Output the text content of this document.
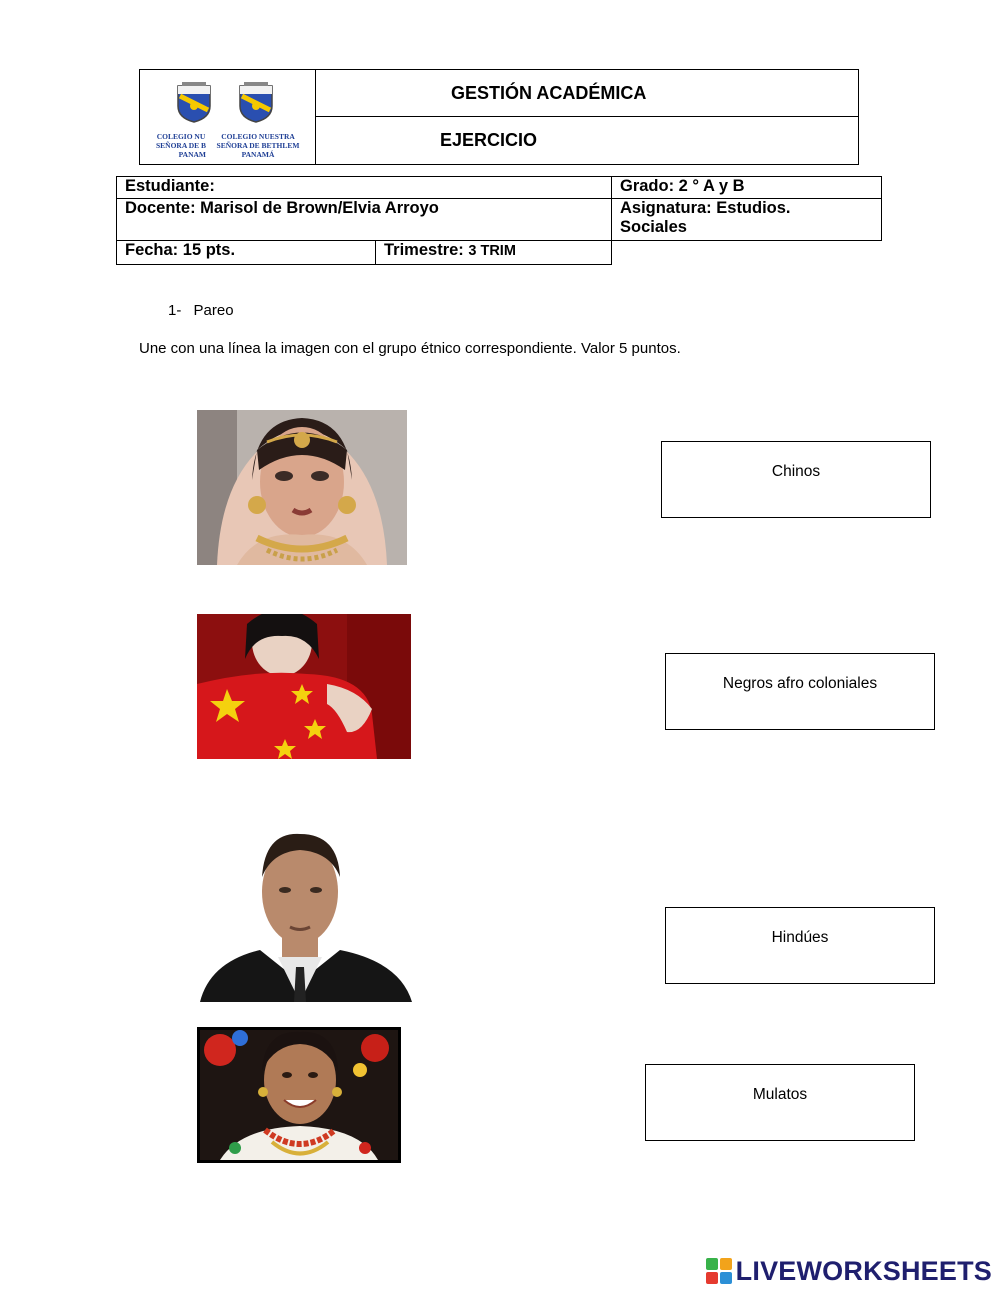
COLEGIO NU
SEÑORA DE B
PANAM
COLEGIO NUESTRA
SEÑORA DE BETHLEM
PANAMÁ
GESTIÓN ACADÉMICA
EJERCICIO
Estudiante:	Grado: 2 ° A y B
Docente: Marisol de Brown/Elvia Arroyo	Asignatura: Estudios. Sociales
Fecha: 15 pts.	Trimestre: 3 TRIM
1- Pareo
Une con una línea la imagen con el grupo étnico correspondiente. Valor 5 puntos.
Chinos
Negros afro coloniales
Hindúes
Mulatos
LIVEWORKSHEETS
